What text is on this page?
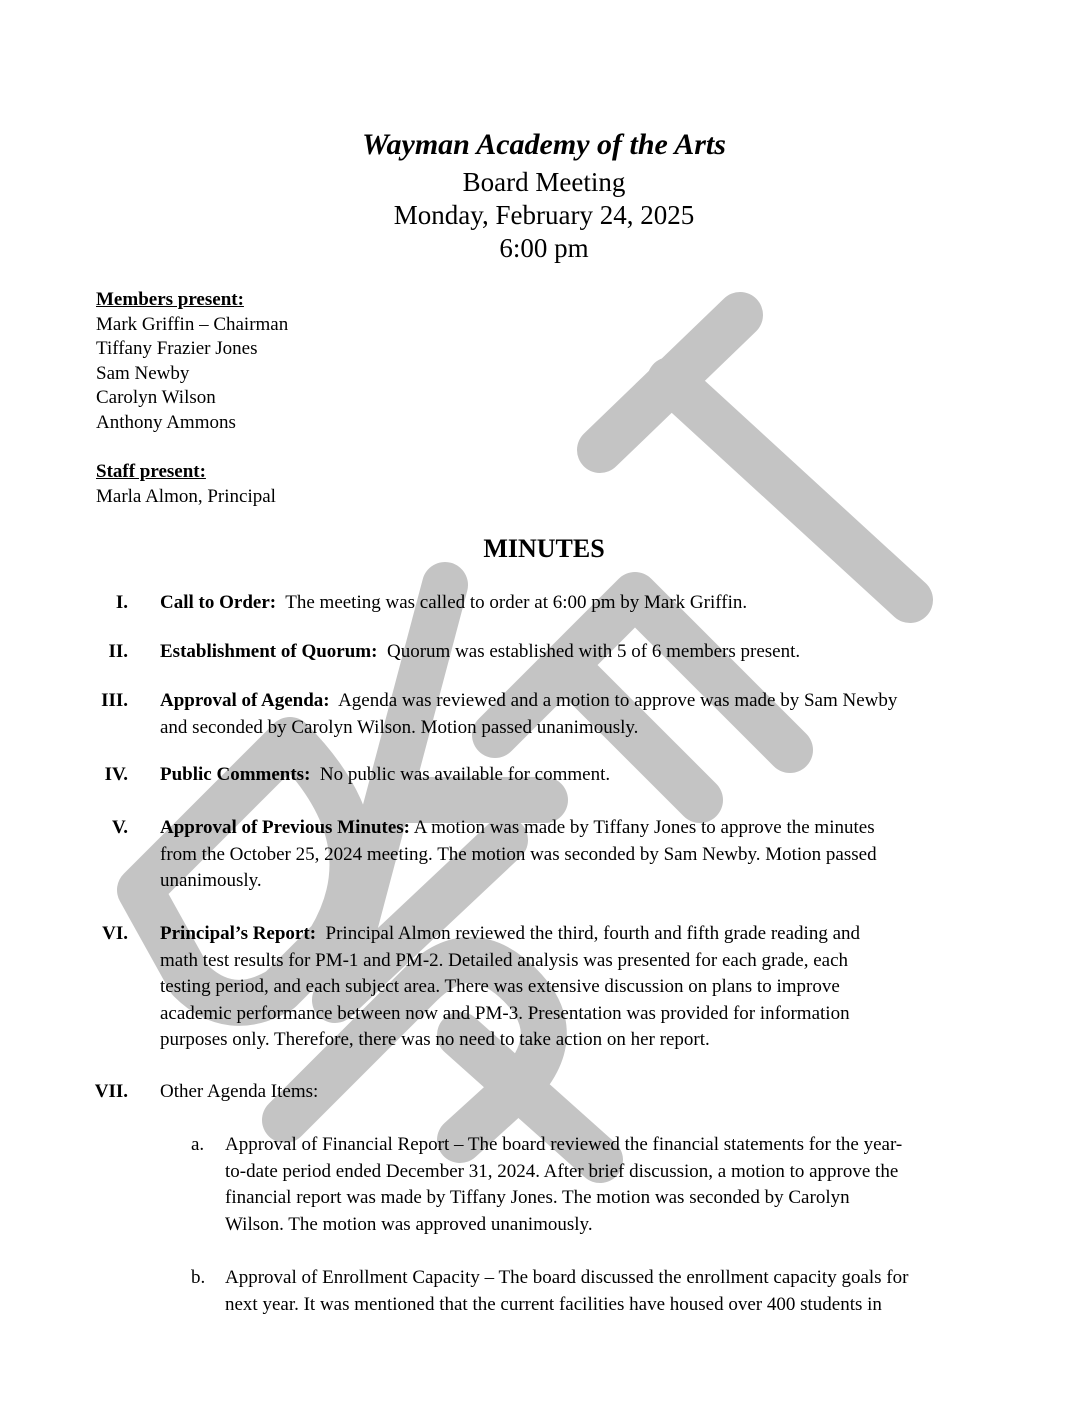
Wayman Academy of the Arts
Board Meeting
Monday, February 24, 2025
6:00 pm
Members present:
Mark Griffin – Chairman
Tiffany Frazier Jones
Sam Newby
Carolyn Wilson
Anthony Ammons
Staff present:
Marla Almon, Principal
MINUTES
I. Call to Order: The meeting was called to order at 6:00 pm by Mark Griffin.
II. Establishment of Quorum: Quorum was established with 5 of 6 members present.
III. Approval of Agenda: Agenda was reviewed and a motion to approve was made by Sam Newby
and seconded by Carolyn Wilson. Motion passed unanimously.
IV. Public Comments: No public was available for comment.
V. Approval of Previous Minutes: A motion was made by Tiffany Jones to approve the minutes
from the October 25, 2024 meeting. The motion was seconded by Sam Newby. Motion passed
unanimously.
VI. Principal’s Report: Principal Almon reviewed the third, fourth and fifth grade reading and
math test results for PM-1 and PM-2. Detailed analysis was presented for each grade, each
testing period, and each subject area. There was extensive discussion on plans to improve
academic performance between now and PM-3. Presentation was provided for information
purposes only. Therefore, there was no need to take action on her report.
VII. Other Agenda Items:
a.	Approval of Financial Report – The board reviewed the financial statements for the year-
to-date period ended December 31, 2024. After brief discussion, a motion to approve the
financial report was made by Tiffany Jones. The motion was seconded by Carolyn
Wilson. The motion was approved unanimously.
b.	Approval of Enrollment Capacity – The board discussed the enrollment capacity goals for
next year. It was mentioned that the current facilities have housed over 400 students in
